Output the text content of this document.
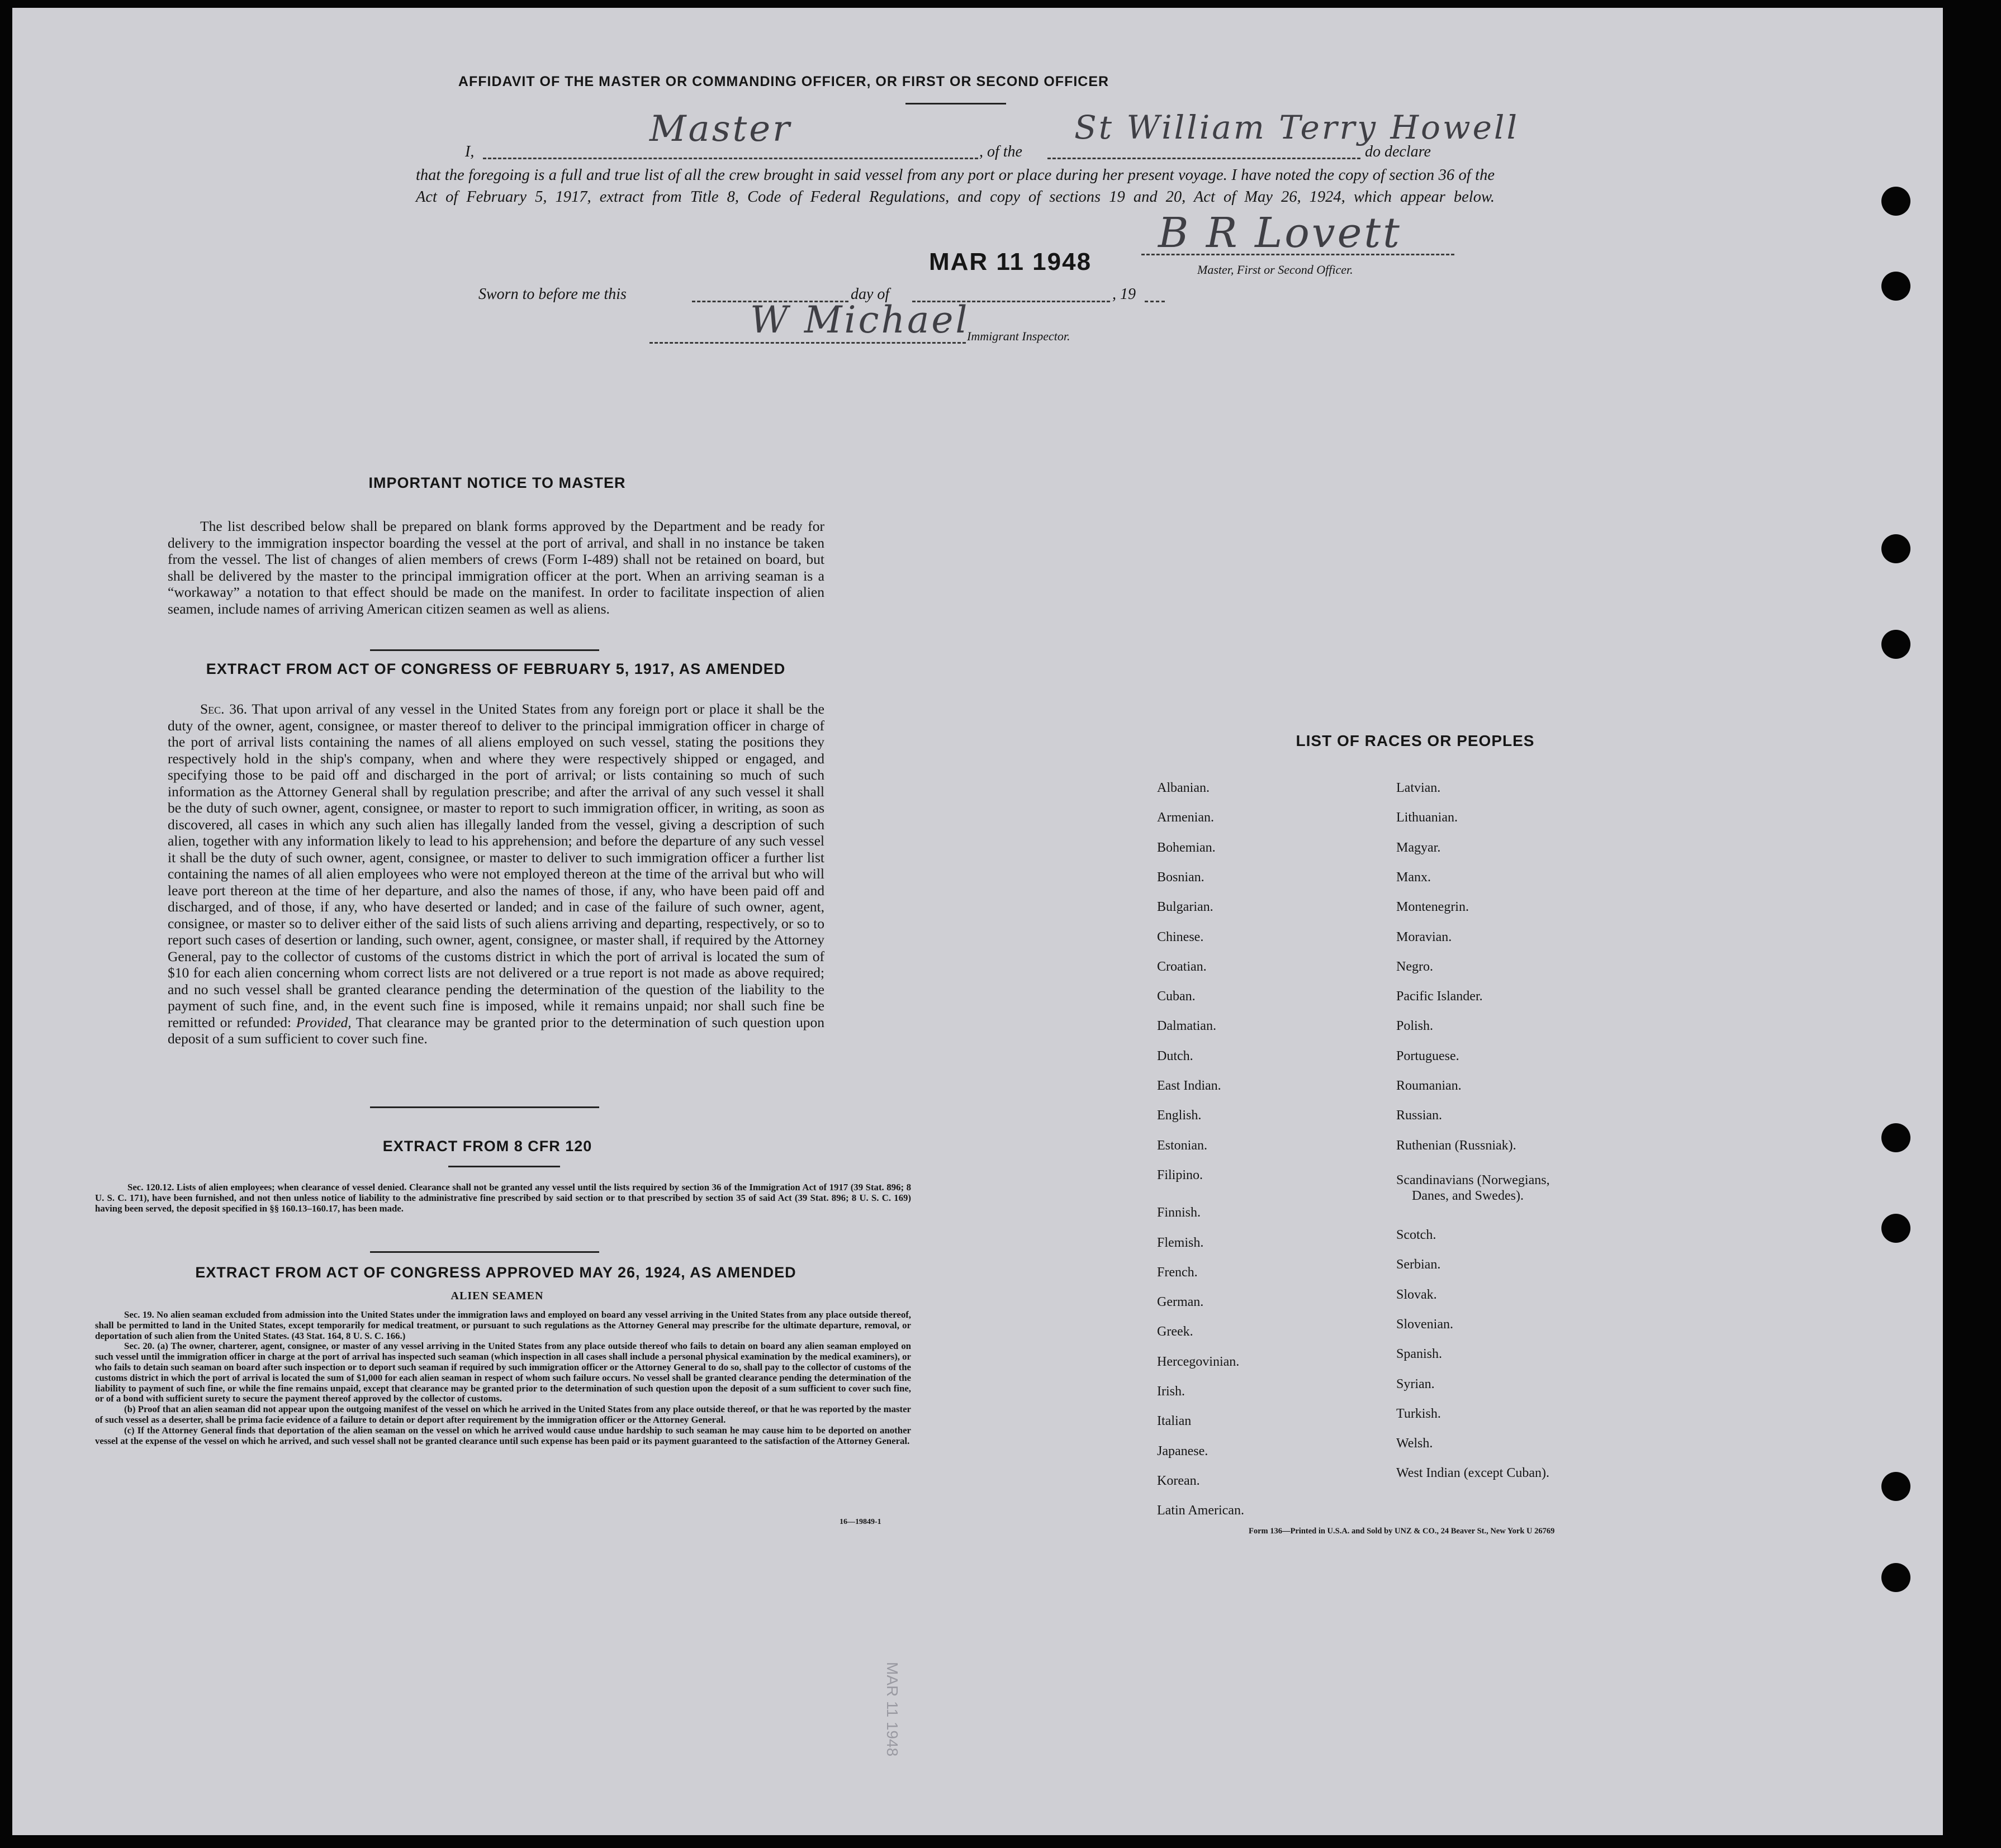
AFFIDAVIT OF THE MASTER OR COMMANDING OFFICER, OR FIRST OR SECOND OFFICER
I,
Master
, of the
St William Terry Howell
do declare
that the foregoing is a full and true list of all the crew brought in said vessel from any port or place during her present voyage. I have noted the copy of section 36 of the Act of February 5, 1917, extract from Title 8, Code of Federal Regulations, and copy of sections 19 and 20, Act of May 26, 1924, which appear below.
MAR 11 1948
B R Lovett
Master, First or Second Officer.
Sworn to before me this	day of	, 19
W Michael
Immigrant Inspector.
IMPORTANT NOTICE TO MASTER
The list described below shall be prepared on blank forms approved by the Department and be ready for delivery to the immigration inspector boarding the vessel at the port of arrival, and shall in no instance be taken from the vessel. The list of changes of alien members of crews (Form I-489) shall not be retained on board, but shall be delivered by the master to the principal immigration officer at the port. When an arriving seaman is a “workaway” a notation to that effect should be made on the manifest. In order to facilitate inspection of alien seamen, include names of arriving American citizen seamen as well as aliens.
EXTRACT FROM ACT OF CONGRESS OF FEBRUARY 5, 1917, AS AMENDED
Sec. 36. That upon arrival of any vessel in the United States from any foreign port or place it shall be the duty of the owner, agent, consignee, or master thereof to deliver to the principal immigration officer in charge of the port of arrival lists containing the names of all aliens employed on such vessel, stating the positions they respectively hold in the ship's company, when and where they were respectively shipped or engaged, and specifying those to be paid off and discharged in the port of arrival; or lists containing so much of such information as the Attorney General shall by regulation prescribe; and after the arrival of any such vessel it shall be the duty of such owner, agent, consignee, or master to report to such immigration officer, in writing, as soon as discovered, all cases in which any such alien has illegally landed from the vessel, giving a description of such alien, together with any information likely to lead to his apprehension; and before the departure of any such vessel it shall be the duty of such owner, agent, consignee, or master to deliver to such immigration officer a further list containing the names of all alien employees who were not employed thereon at the time of the arrival but who will leave port thereon at the time of her departure, and also the names of those, if any, who have been paid off and discharged, and of those, if any, who have deserted or landed; and in case of the failure of such owner, agent, consignee, or master so to deliver either of the said lists of such aliens arriving and departing, respectively, or so to report such cases of desertion or landing, such owner, agent, consignee, or master shall, if required by the Attorney General, pay to the collector of customs of the customs district in which the port of arrival is located the sum of $10 for each alien concerning whom correct lists are not delivered or a true report is not made as above required; and no such vessel shall be granted clearance pending the determination of the question of the liability to the payment of such fine, and, in the event such fine is imposed, while it remains unpaid; nor shall such fine be remitted or refunded: Provided, That clearance may be granted prior to the determination of such question upon deposit of a sum sufficient to cover such fine.
EXTRACT FROM 8 CFR 120
Sec. 120.12. Lists of alien employees; when clearance of vessel denied. Clearance shall not be granted any vessel until the lists required by section 36 of the Immigration Act of 1917 (39 Stat. 896; 8 U. S. C. 171), have been furnished, and not then unless notice of liability to the administrative fine prescribed by said section or to that prescribed by section 35 of said Act (39 Stat. 896; 8 U. S. C. 169) having been served, the deposit specified in §§ 160.13–160.17, has been made.
EXTRACT FROM ACT OF CONGRESS APPROVED MAY 26, 1924, AS AMENDED
ALIEN SEAMEN

Sec. 19. No alien seaman excluded from admission into the United States under the immigration laws and employed on board any vessel arriving in the United States from any place outside thereof, shall be permitted to land in the United States, except temporarily for medical treatment, or pursuant to such regulations as the Attorney General may prescribe for the ultimate departure, removal, or deportation of such alien from the United States. (43 Stat. 164, 8 U. S. C. 166.)

Sec. 20. (a) The owner, charterer, agent, consignee, or master of any vessel arriving in the United States from any place outside thereof who fails to detain on board any alien seaman employed on such vessel until the immigration officer in charge at the port of arrival has inspected such seaman (which inspection in all cases shall include a personal physical examination by the medical examiners), or who fails to detain such seaman on board after such inspection or to deport such seaman if required by such immigration officer or the Attorney General to do so, shall pay to the collector of customs of the customs district in which the port of arrival is located the sum of $1,000 for each alien seaman in respect of whom such failure occurs. No vessel shall be granted clearance pending the determination of the liability to payment of such fine, or while the fine remains unpaid, except that clearance may be granted prior to the determination of such question upon the deposit of a sum sufficient to cover such fine, or of a bond with sufficient surety to secure the payment thereof approved by the collector of customs.

(b) Proof that an alien seaman did not appear upon the outgoing manifest of the vessel on which he arrived in the United States from any place outside thereof, or that he was reported by the master of such vessel as a deserter, shall be prima facie evidence of a failure to detain or deport after requirement by the immigration officer or the Attorney General.

(c) If the Attorney General finds that deportation of the alien seaman on the vessel on which he arrived would cause undue hardship to such seaman he may cause him to be deported on another vessel at the expense of the vessel on which he arrived, and such vessel shall not be granted clearance until such expense has been paid or its payment guaranteed to the satisfaction of the Attorney General.

16—19849-1
LIST OF RACES OR PEOPLES
Albanian.
Armenian.
Bohemian.
Bosnian.
Bulgarian.
Chinese.
Croatian.
Cuban.
Dalmatian.
Dutch.
East Indian.
English.
Estonian.
Filipino.
Finnish.
Flemish.
French.
German.
Greek.
Hercegovinian.
Irish.
Italian
Japanese.
Korean.
Latin American.
Latvian.
Lithuanian.
Magyar.
Manx.
Montenegrin.
Moravian.
Negro.
Pacific Islander.
Polish.
Portuguese.
Roumanian.
Russian.
Ruthenian (Russniak).
Scandinavians (Norwegians,
Danes, and Swedes).
Scotch.
Serbian.
Slovak.
Slovenian.
Spanish.
Syrian.
Turkish.
Welsh.
West Indian (except Cuban).
Form 136—Printed in U.S.A. and Sold by UNZ & CO., 24 Beaver St., New York U 26769
MAR 11 1948
